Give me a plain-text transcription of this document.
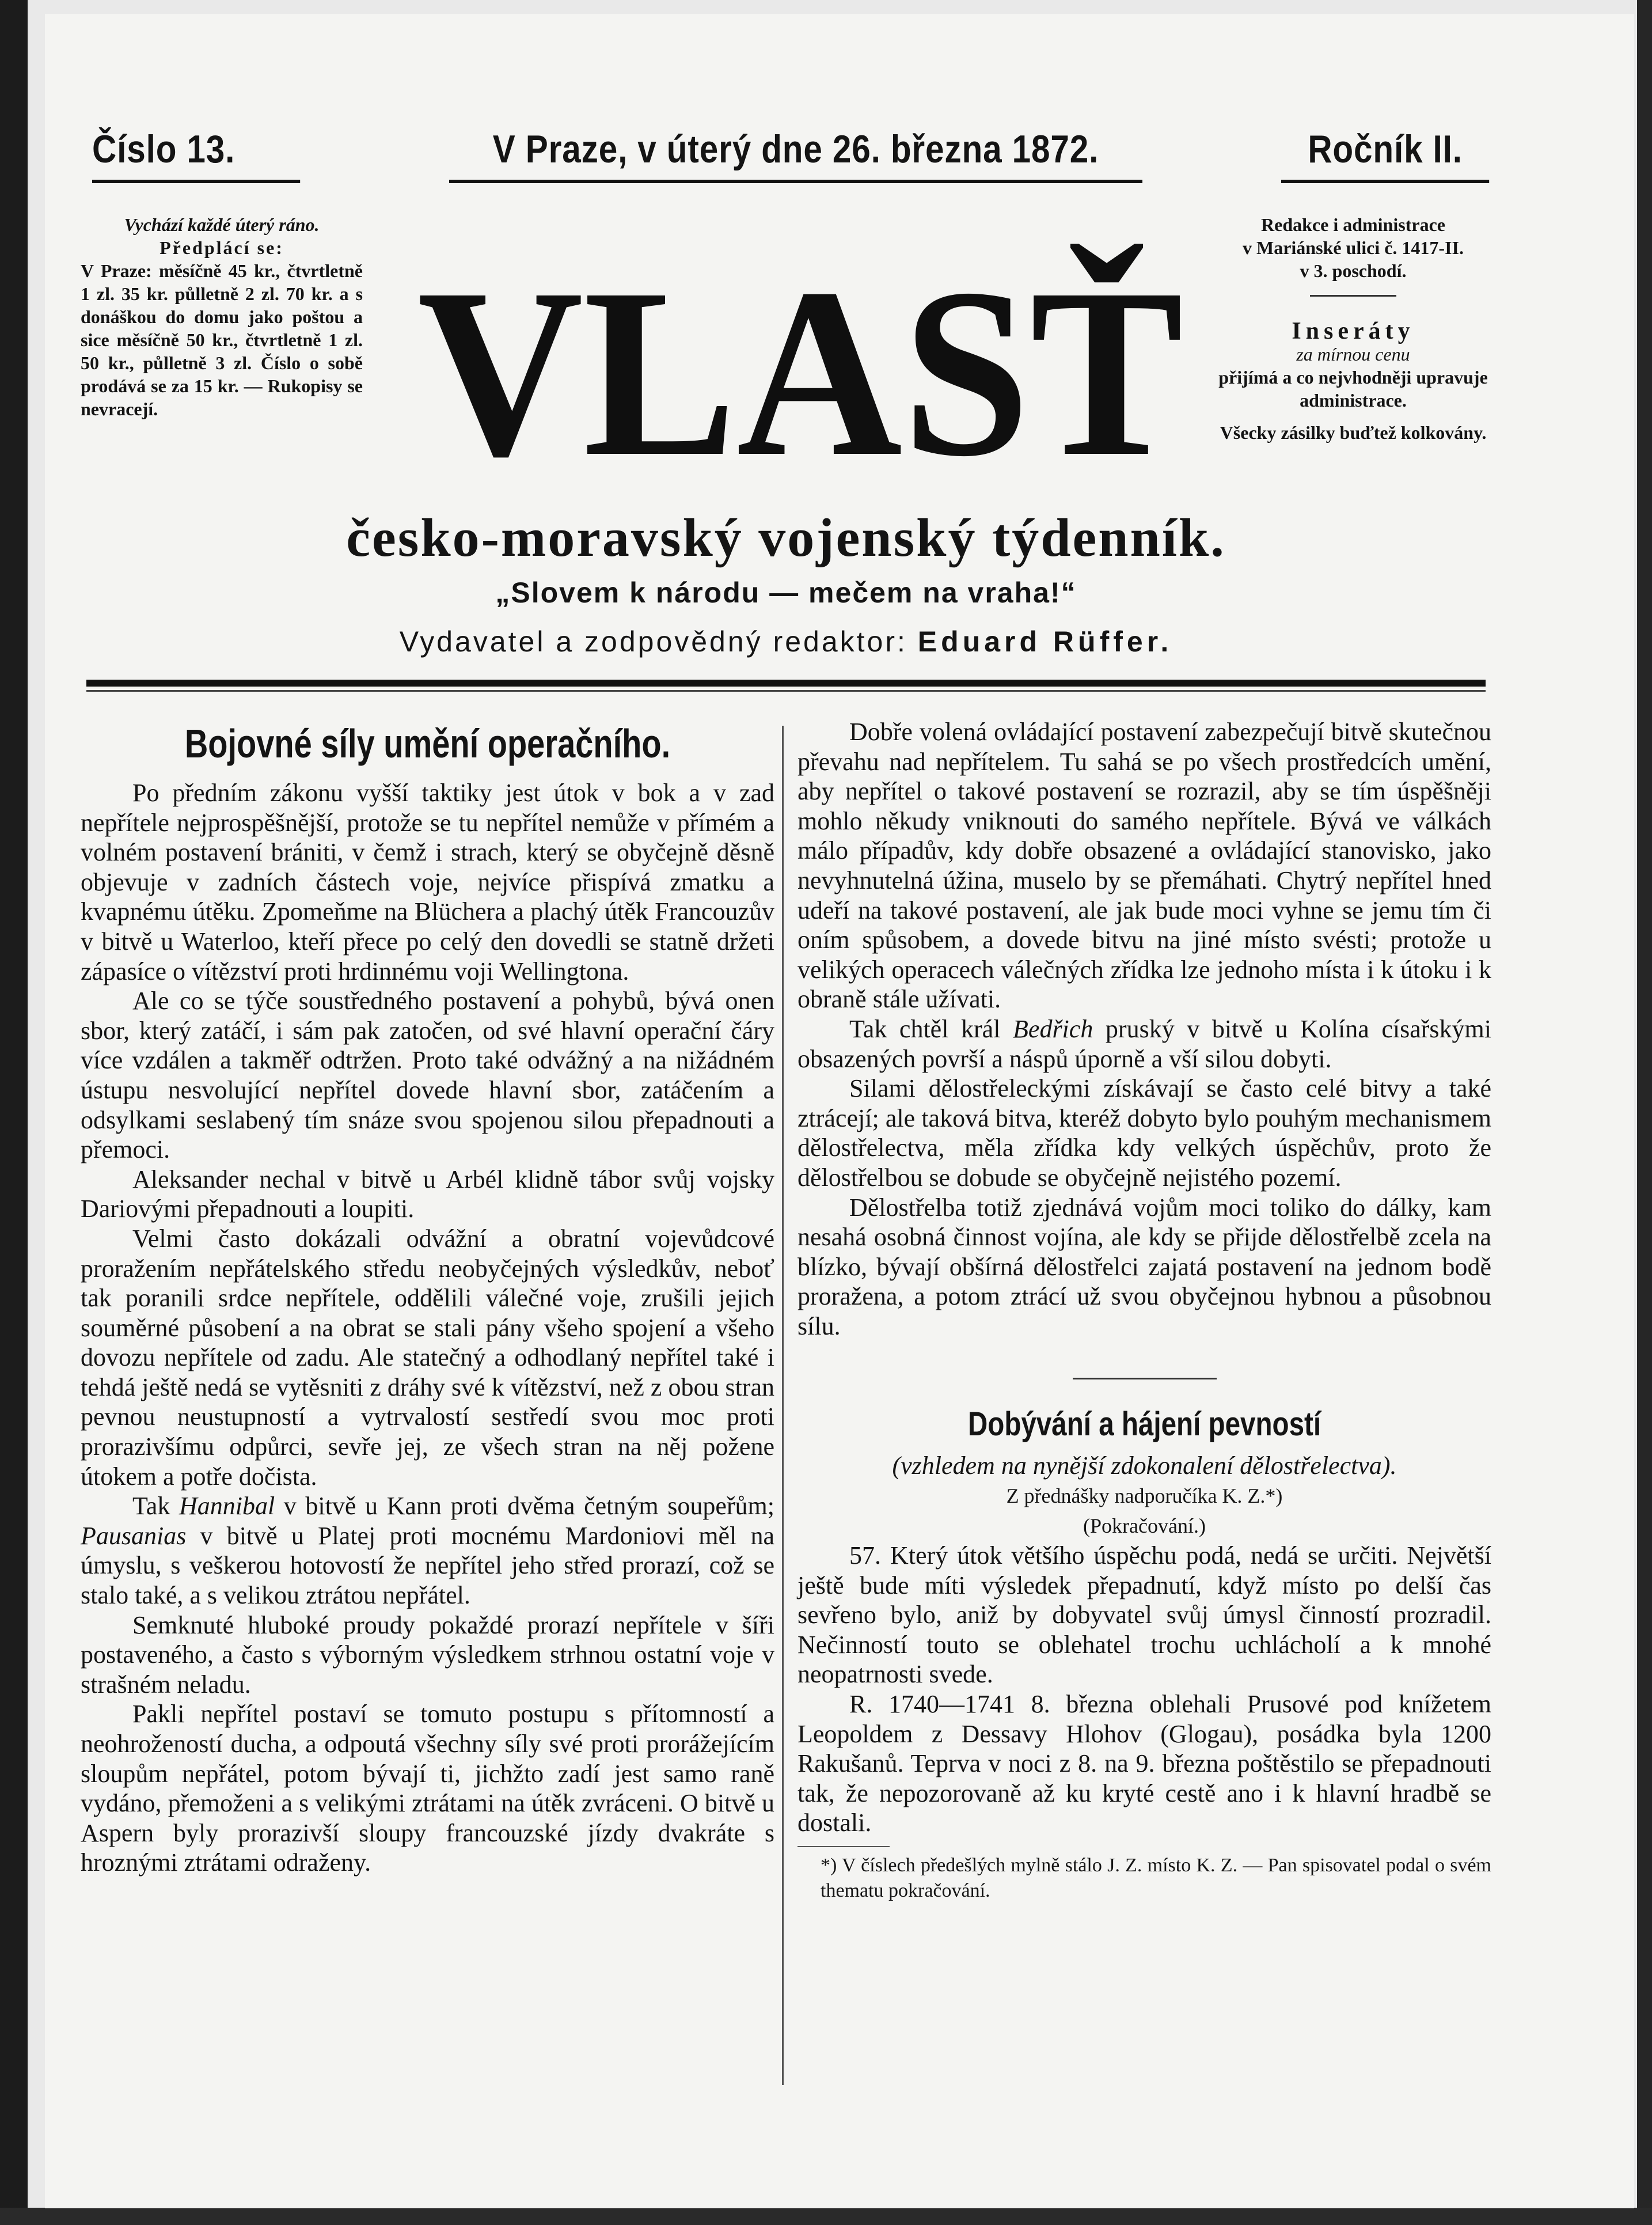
Číslo 13.	V Praze, v úterý dne 26. března 1872.	Ročník II.
Vychází každé úterý ráno.
Předplácí se:
V Praze: měsíčně 45 kr., čtvrtletně 1 zl. 35 kr. půlletně 2 zl. 70 kr. a s donáškou do domu jako poštou a sice měsíčně 50 kr., čtvrtletně 1 zl. 50 kr., půlletně 3 zl. Číslo o sobě prodává se za 15 kr. — Rukopisy se nevracejí.
Redakce i administrace
v Mariánské ulici č. 1417-II.
v 3. poschodí.
Inseráty
za mírnou cenu
přijímá a co nejvhodněji upravuje administrace.
Všecky zásilky buďtež kolkovány.
VLASŤ
česko-moravský vojenský týdenník.
„Slovem k národu — mečem na vraha!“
Vydavatel a zodpovědný redaktor: Eduard Rüffer.
Bojovné síly umění operačního.

Po předním zákonu vyšší taktiky jest útok v bok a v zad nepřítele nejprospěšnější, protože se tu nepřítel nemůže v přímém a volném postavení brániti, v čemž i strach, který se obyčejně děsně objevuje v zadních částech voje, nejvíce přispívá zmatku a kvapnému útěku. Zpomeňme na Blüchera a plachý útěk Francouzův v bitvě u Waterloo, kteří přece po celý den dovedli se statně držeti zápasíce o vítězství proti hrdinnému voji Wellingtona.

Ale co se týče soustředného postavení a pohybů, bývá onen sbor, který zatáčí, i sám pak zatočen, od své hlavní operační čáry více vzdálen a takměř odtržen. Proto také odvážný a na nižádném ústupu nesvolující nepřítel dovede hlavní sbor, zatáčením a odsylkami seslabený tím snáze svou spojenou silou přepadnouti a přemoci.

Aleksander nechal v bitvě u Arbél klidně tábor svůj vojsky Dariovými přepadnouti a loupiti.

Velmi často dokázali odvážní a obratní vojevůdcové proražením nepřátelského středu neobyčejných výsledkův, neboť tak poranili srdce nepřítele, oddělili válečné voje, zrušili jejich souměrné působení a na obrat se stali pány všeho spojení a všeho dovozu nepřítele od zadu. Ale statečný a odhodlaný nepřítel také i tehdá ještě nedá se vytěsniti z dráhy své k vítězství, než z obou stran pevnou neustupností a vytrvalostí sestředí svou moc proti prorazivšímu odpůrci, sevře jej, ze všech stran na něj požene útokem a potře dočista.

Tak Hannibal v bitvě u Kann proti dvěma četným soupeřům; Pausanias v bitvě u Platej proti mocnému Mardoniovi měl na úmyslu, s veškerou hotovostí že nepřítel jeho střed prorazí, což se stalo také, a s velikou ztrátou nepřátel.

Semknuté hluboké proudy pokaždé prorazí nepřítele v šíři postaveného, a často s výborným výsledkem strhnou ostatní voje v strašném neladu.

Pakli nepřítel postaví se tomuto postupu s přítomností a neohrožeností ducha, a odpoutá všechny síly své proti prorážejícím sloupům nepřátel, potom bývají ti, jichžto zadí jest samo raně vydáno, přemoženi a s velikými ztrátami na útěk zvráceni. O bitvě u Aspern byly prorazivší sloupy francouzské jízdy dvakráte s hroznými ztrátami odraženy.

Dobře volená ovládající postavení zabezpečují bitvě skutečnou převahu nad nepřítelem. Tu sahá se po všech prostředcích umění, aby nepřítel o takové postavení se rozrazil, aby se tím úspěšněji mohlo někudy vniknouti do samého nepřítele. Bývá ve válkách málo případův, kdy dobře obsazené a ovládající stanovisko, jako nevyhnutelná úžina, muselo by se přemáhati. Chytrý nepřítel hned udeří na takové postavení, ale jak bude moci vyhne se jemu tím či oním spůsobem, a dovede bitvu na jiné místo svésti; protože u velikých operacech válečných zřídka lze jednoho místa i k útoku i k obraně stále užívati.

Tak chtěl král Bedřich pruský v bitvě u Kolína císařskými obsazených površí a náspů úporně a vší silou dobyti.

Silami dělostřeleckými získávají se často celé bitvy a také ztrácejí; ale taková bitva, kteréž dobyto bylo pouhým mechanismem dělostřelectva, měla zřídka kdy velkých úspěchův, proto že dělostřelbou se dobude se obyčejně nejistého pozemí.

Dělostřelba totiž zjednává vojům moci toliko do dálky, kam nesahá osobná činnost vojína, ale kdy se přijde dělostřelbě zcela na blízko, bývají obšírná dělostřelci zajatá postavení na jednom bodě proražena, a potom ztrácí už svou obyčejnou hybnou a působnou sílu.

Dobývání a hájení pevností

(vzhledem na nynější zdokonalení dělostřelectva).

Z přednášky nadporučíka K. Z.*)

(Pokračování.)

57. Který útok většího úspěchu podá, nedá se určiti. Největší ještě bude míti výsledek přepadnutí, když místo po delší čas sevřeno bylo, aniž by dobyvatel svůj úmysl činností prozradil. Nečinností touto se oblehatel trochu uchlácholí a k mnohé neopatrnosti svede.

R. 1740—1741 8. března oblehali Prusové pod knížetem Leopoldem z Dessavy Hlohov (Glogau), posádka byla 1200 Rakušanů. Teprva v noci z 8. na 9. března poštěstilo se přepadnouti tak, že nepozorovaně až ku kryté cestě ano i k hlavní hradbě se dostali.

*) V číslech předešlých mylně stálo J. Z. místo K. Z. — Pan spisovatel podal o svém thematu pokračování.
